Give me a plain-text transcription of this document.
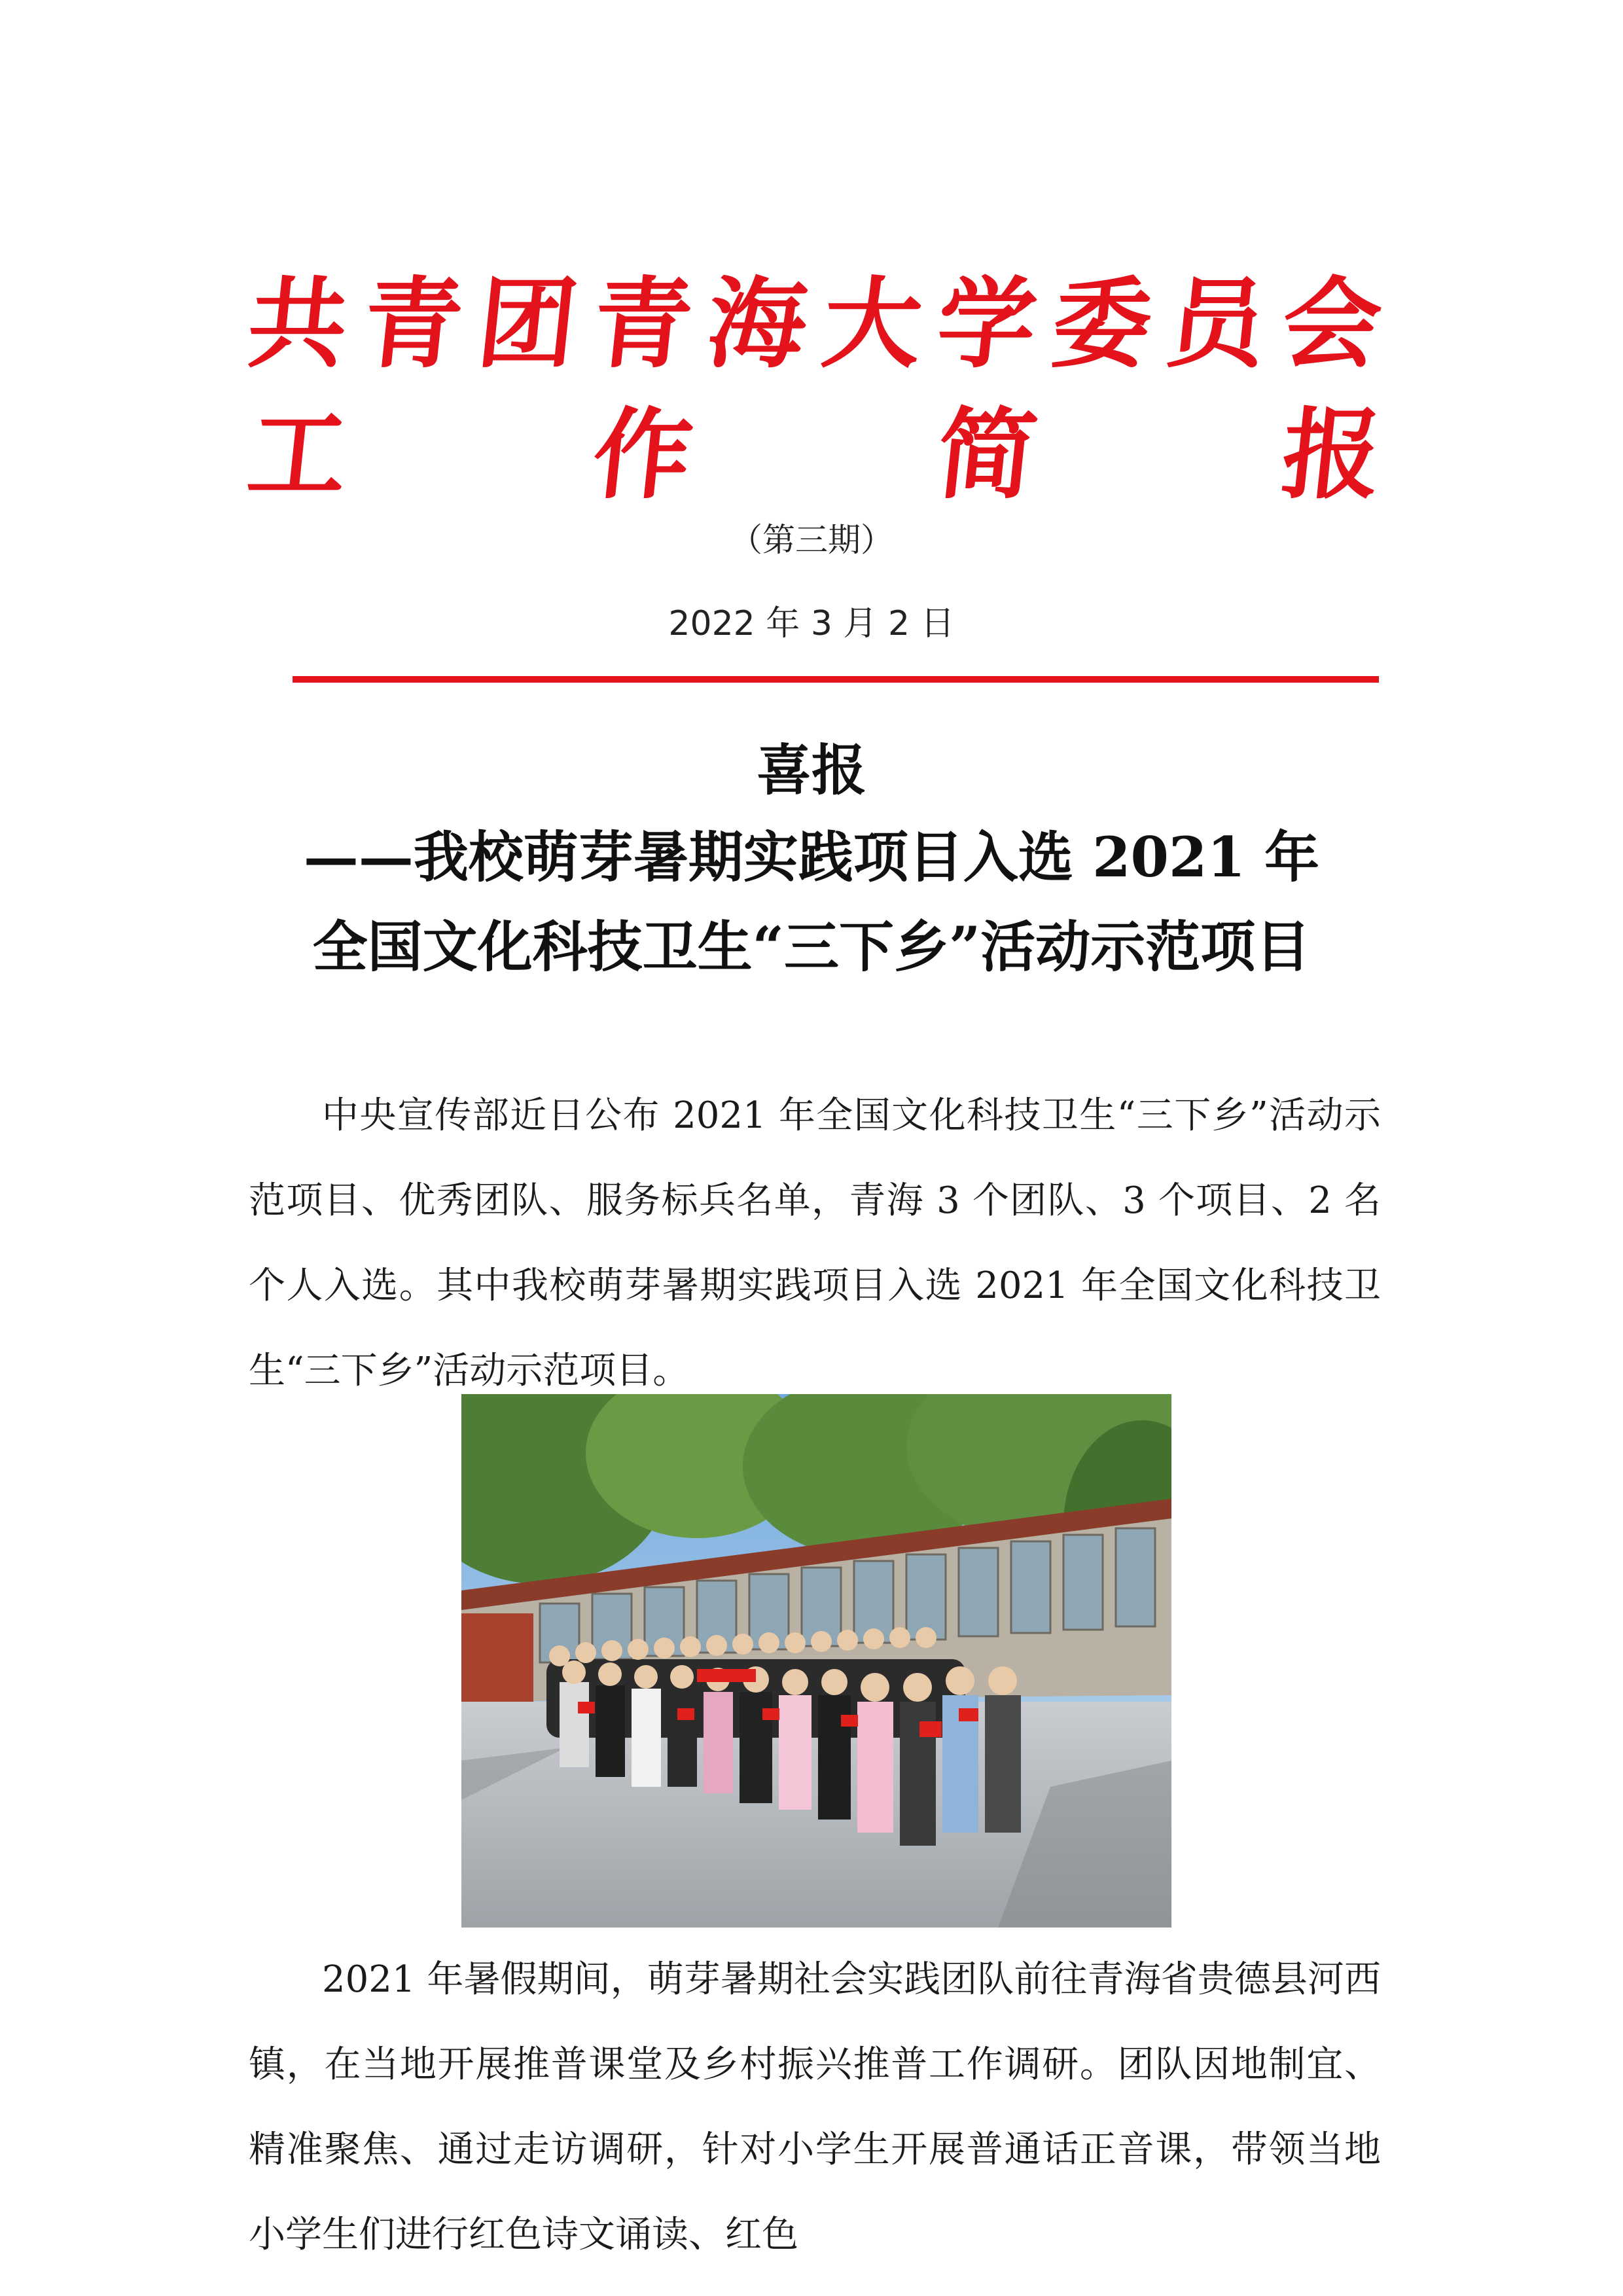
共 青 团 青 海 大 学 委 员 会
工 作 简 报
（第三期）
2022 年 3 月 2 日
喜报
——我校萌芽暑期实践项目入选 2021 年
全国文化科技卫生“三下乡”活动示范项目

中央宣传部近日公布 2021 年全国文化科技卫生“三下乡”活动示范项目、优秀团队、服务标兵名单，青海 3 个团队、3 个项目、2 名个人入选。其中我校萌芽暑期实践项目入选 2021 年全国文化科技卫生“三下乡”活动示范项目。

2021 年暑假期间，萌芽暑期社会实践团队前往青海省贵德县河西镇，在当地开展推普课堂及乡村振兴推普工作调研。团队因地制宜、精准聚焦、通过走访调研，针对小学生开展普通话正音课，带领当地小学生们进行红色诗文诵读、红色
